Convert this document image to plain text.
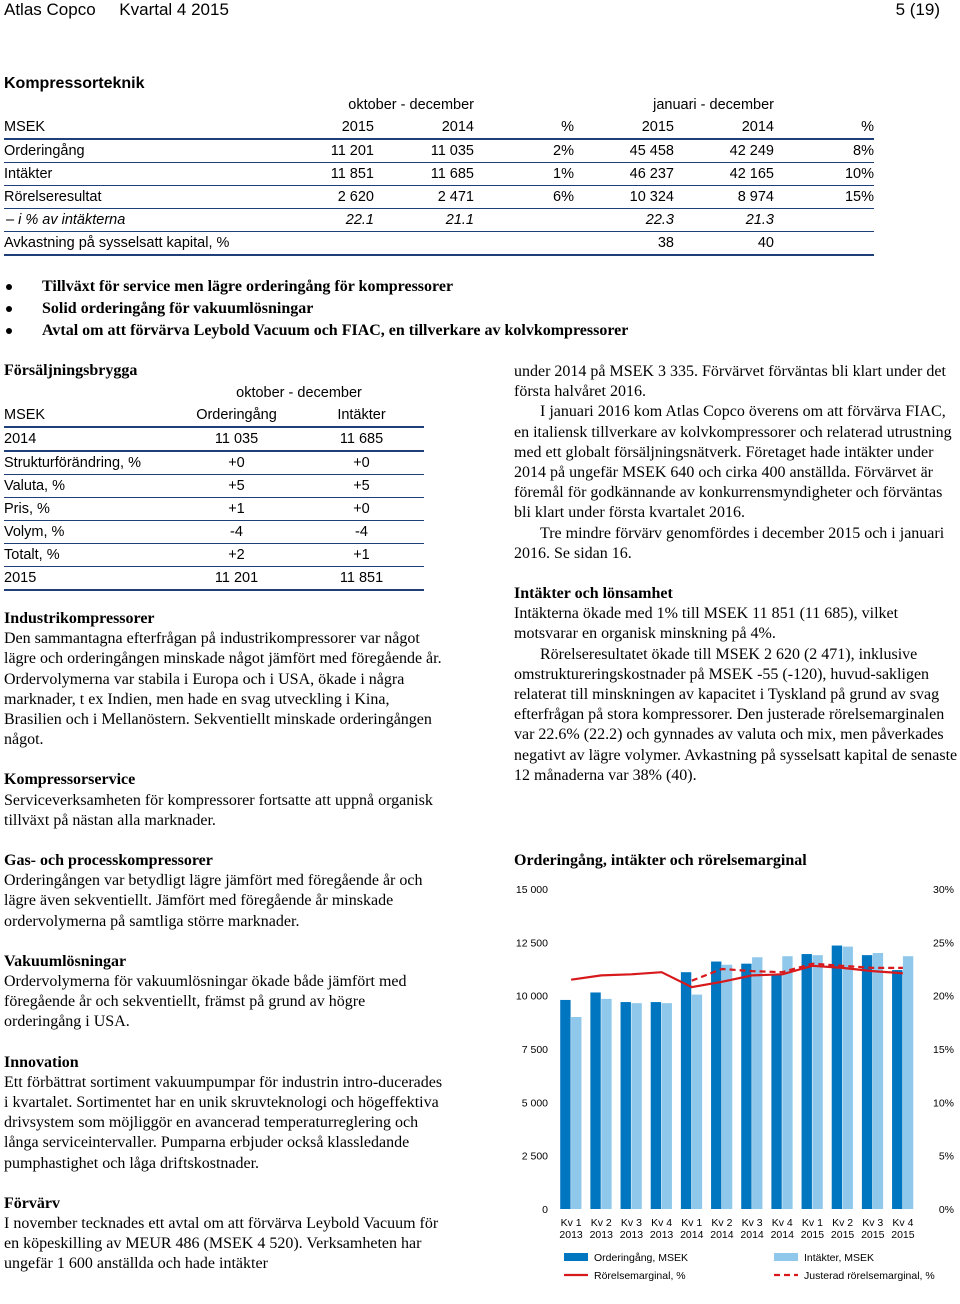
Atlas Copco     Kvartal 4 2015	5 (19)
Kompressorteknik
	oktober - december			januari - december		
MSEK	2015	2014	%	2015	2014	%
Orderingång	11 201	11 035	2%	45 458	42 249	8%
Intäkter	11 851	11 685	1%	46 237	42 165	10%
Rörelseresultat	2 620	2 471	6%	10 324	8 974	15%
– i % av intäkterna	22.1	21.1		22.3	21.3	
Avkastning på sysselsatt kapital, %				38	40	
Tillväxt för service men lägre orderingång för kompressorer
Solid orderingång för vakuumlösningar
Avtal om att förvärva Leybold Vacuum och FIAC, en tillverkare av kolvkompressorer
Försäljningsbrygga
	oktober - december	
MSEK	Orderingång	Intäkter
2014	11 035	11 685
Strukturförändring, %	+0	+0
Valuta, %	+5	+5
Pris, %	+1	+0
Volym, %	-4	-4
Totalt, %	+2	+1
2015	11 201	11 851
Industrikompressorer

Den sammantagna efterfrågan på industrikompressorer var något lägre och orderingången minskade något jämfört med föregående år. Ordervolymerna var stabila i Europa och i USA, ökade i några marknader, t ex Indien, men hade en svag utveckling i Kina, Brasilien och i Mellanöstern. Sekventiellt minskade orderingången något.

Kompressorservice

Serviceverksamheten för kompressorer fortsatte att uppnå organisk tillväxt på nästan alla marknader.

Gas- och processkompressorer

Orderingången var betydligt lägre jämfört med föregående år och lägre även sekventiellt. Jämfört med föregående år minskade ordervolymerna på samtliga större marknader.

Vakuumlösningar

Ordervolymerna för vakuumlösningar ökade både jämfört med föregående år och sekventiellt, främst på grund av högre orderingång i USA.

Innovation

Ett förbättrat sortiment vakuumpumpar för industrin intro-ducerades i kvartalet. Sortimentet har en unik skruvteknologi och högeffektiva drivsystem som möjliggör en avancerad temperaturreglering och långa serviceintervaller. Pumparna erbjuder också klassledande pumphastighet och låga driftskostnader.

Förvärv

I november tecknades ett avtal om att förvärva Leybold Vacuum för en köpeskilling av MEUR 486 (MSEK 4 520). Verksamheten har ungefär 1 600 anställda och hade intäkter

under 2014 på MSEK 3 335. Förvärvet förväntas bli klart under det första halvåret 2016.

I januari 2016 kom Atlas Copco överens om att förvärva FIAC, en italiensk tillverkare av kolvkompressorer och relaterad utrustning med ett globalt försäljningsnätverk. Företaget hade intäkter under 2014 på ungefär MSEK 640 och cirka 400 anställda. Förvärvet är föremål för godkännande av konkurrensmyndigheter och förväntas bli klart under första kvartalet 2016.

Tre mindre förvärv genomfördes i december 2015 och i januari 2016. Se sidan 16.

Intäkter och lönsamhet

Intäkterna ökade med 1% till MSEK 11 851 (11 685), vilket motsvarar en organisk minskning på 4%.

Rörelseresultatet ökade till MSEK 2 620 (2 471), inklusive omstruktureringskostnader på MSEK -55 (-120), huvud-sakligen relaterat till minskningen av kapacitet i Tyskland på grund av svag efterfrågan på stora kompressorer. Den justerade rörelsemarginalen var 22.6% (22.2) och gynnades av valuta och mix, men påverkades negativt av lägre volymer. Avkastning på sysselsatt kapital de senaste 12 månaderna var 38% (40).

Orderingång, intäkter och rörelsemarginal
0
2 500
5 000
7 500
10 000
12 500
15 000
0%
5%
10%
15%
20%
25%
30%
Kv 1
2013
Kv 2
2013
Kv 3
2013
Kv 4
2013
Kv 1
2014
Kv 2
2014
Kv 3
2014
Kv 4
2014
Kv 1
2015
Kv 2
2015
Kv 3
2015
Kv 4
2015
Orderingång, MSEK	Intäkter, MSEK
Rörelsemarginal, %	Justerad rörelsemarginal, %
